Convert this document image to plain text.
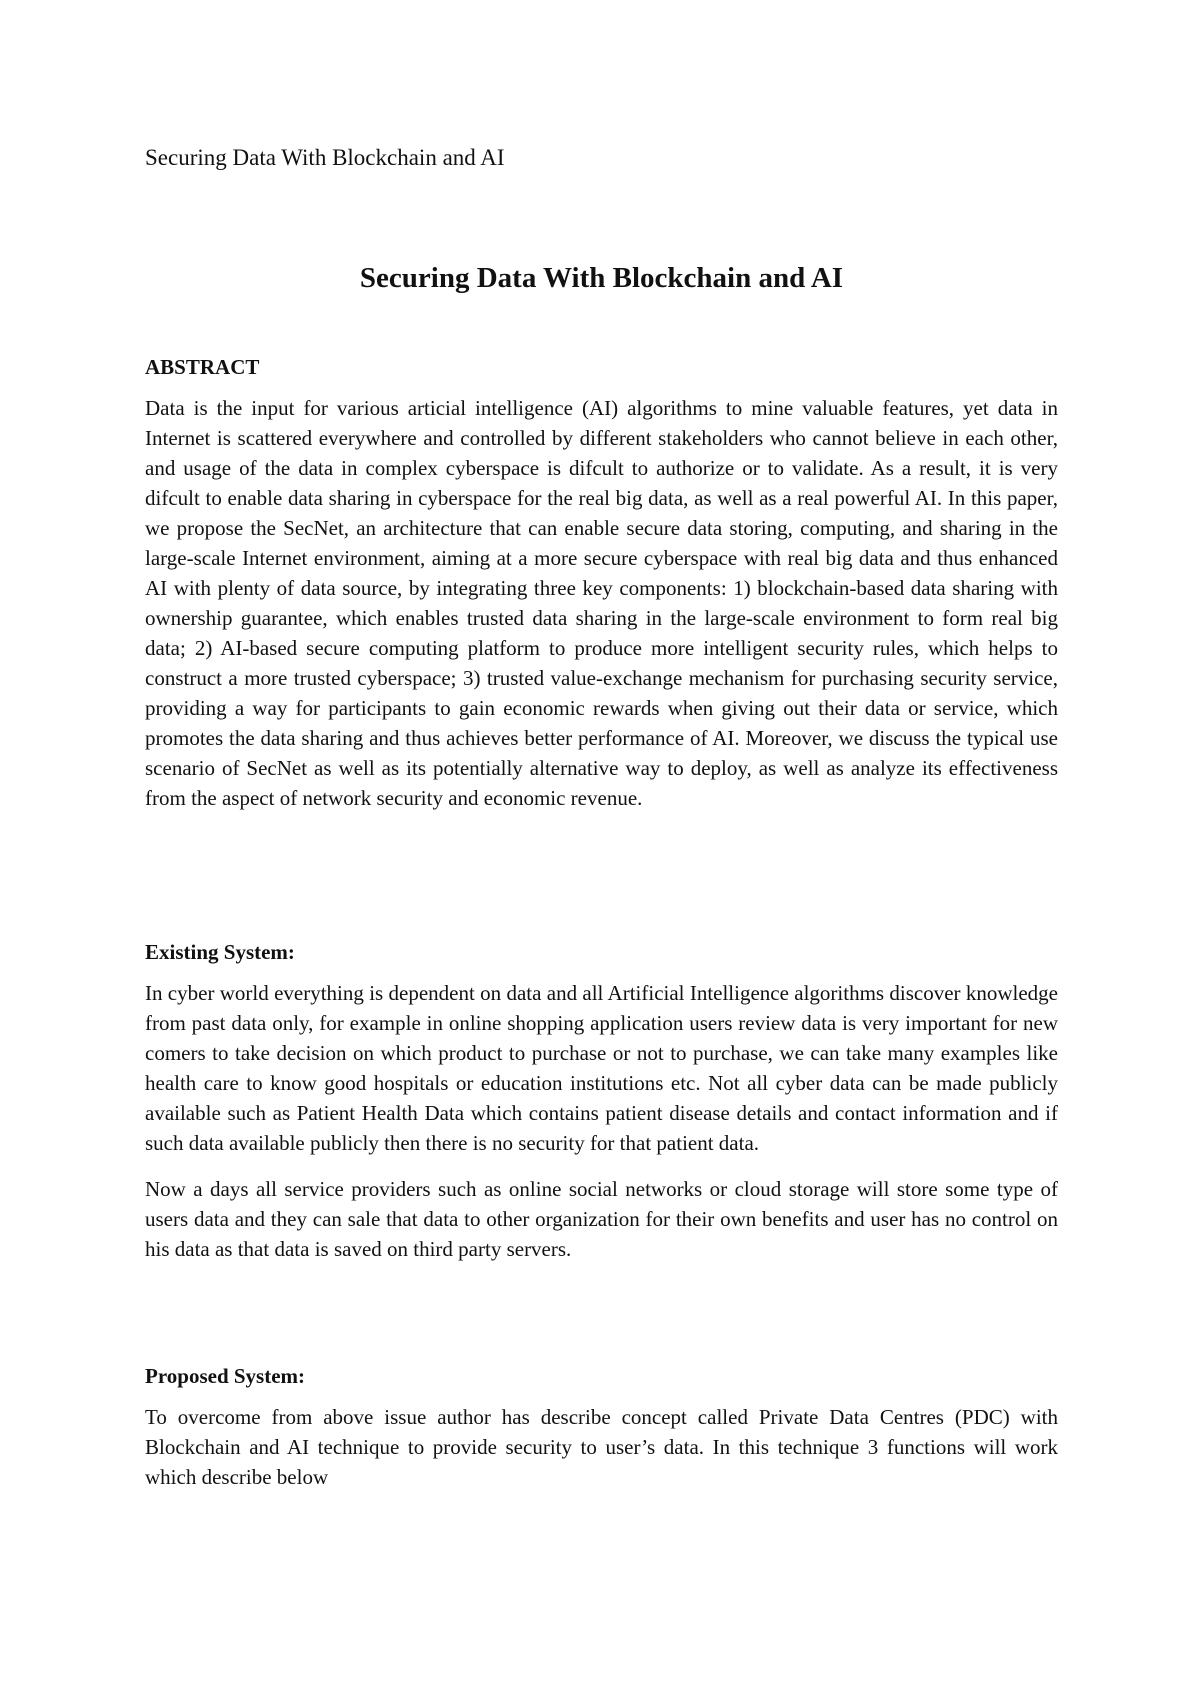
Securing Data With Blockchain and AI

Securing Data With Blockchain and AI

ABSTRACT

Data is the input for various articial intelligence (AI) algorithms to mine valuable features, yet data in Internet is scattered everywhere and controlled by different stakeholders who cannot believe in each other, and usage of the data in complex cyberspace is difcult to authorize or to validate. As a result, it is very difcult to enable data sharing in cyberspace for the real big data, as well as a real powerful AI. In this paper, we propose the SecNet, an architecture that can enable secure data storing, computing, and sharing in the large-scale Internet environment, aiming at a more secure cyberspace with real big data and thus enhanced AI with plenty of data source, by integrating three key components: 1) blockchain-based data sharing with ownership guarantee, which enables trusted data sharing in the large-scale environment to form real big data; 2) AI-based secure computing platform to produce more intelligent security rules, which helps to construct a more trusted cyberspace; 3) trusted value-exchange mechanism for purchasing security service, providing a way for participants to gain economic rewards when giving out their data or service, which promotes the data sharing and thus achieves better performance of AI. Moreover, we discuss the typical use scenario of SecNet as well as its potentially alternative way to deploy, as well as analyze its effectiveness from the aspect of network security and economic revenue.

Existing System:

In cyber world everything is dependent on data and all Artificial Intelligence algorithms discover knowledge from past data only, for example in online shopping application users review data is very important for new comers to take decision on which product to purchase or not to purchase, we can take many examples like health care to know good hospitals or education institutions etc. Not all cyber data can be made publicly available such as Patient Health Data which contains patient disease details and contact information and if such data available publicly then there is no security for that patient data.

Now a days all service providers such as online social networks or cloud storage will store some type of users data and they can sale that data to other organization for their own benefits and user has no control on his data as that data is saved on third party servers.

Proposed System:

To overcome from above issue author has describe concept called Private Data Centres (PDC) with Blockchain and AI technique to provide security to user’s data. In this technique 3 functions will work which describe below
